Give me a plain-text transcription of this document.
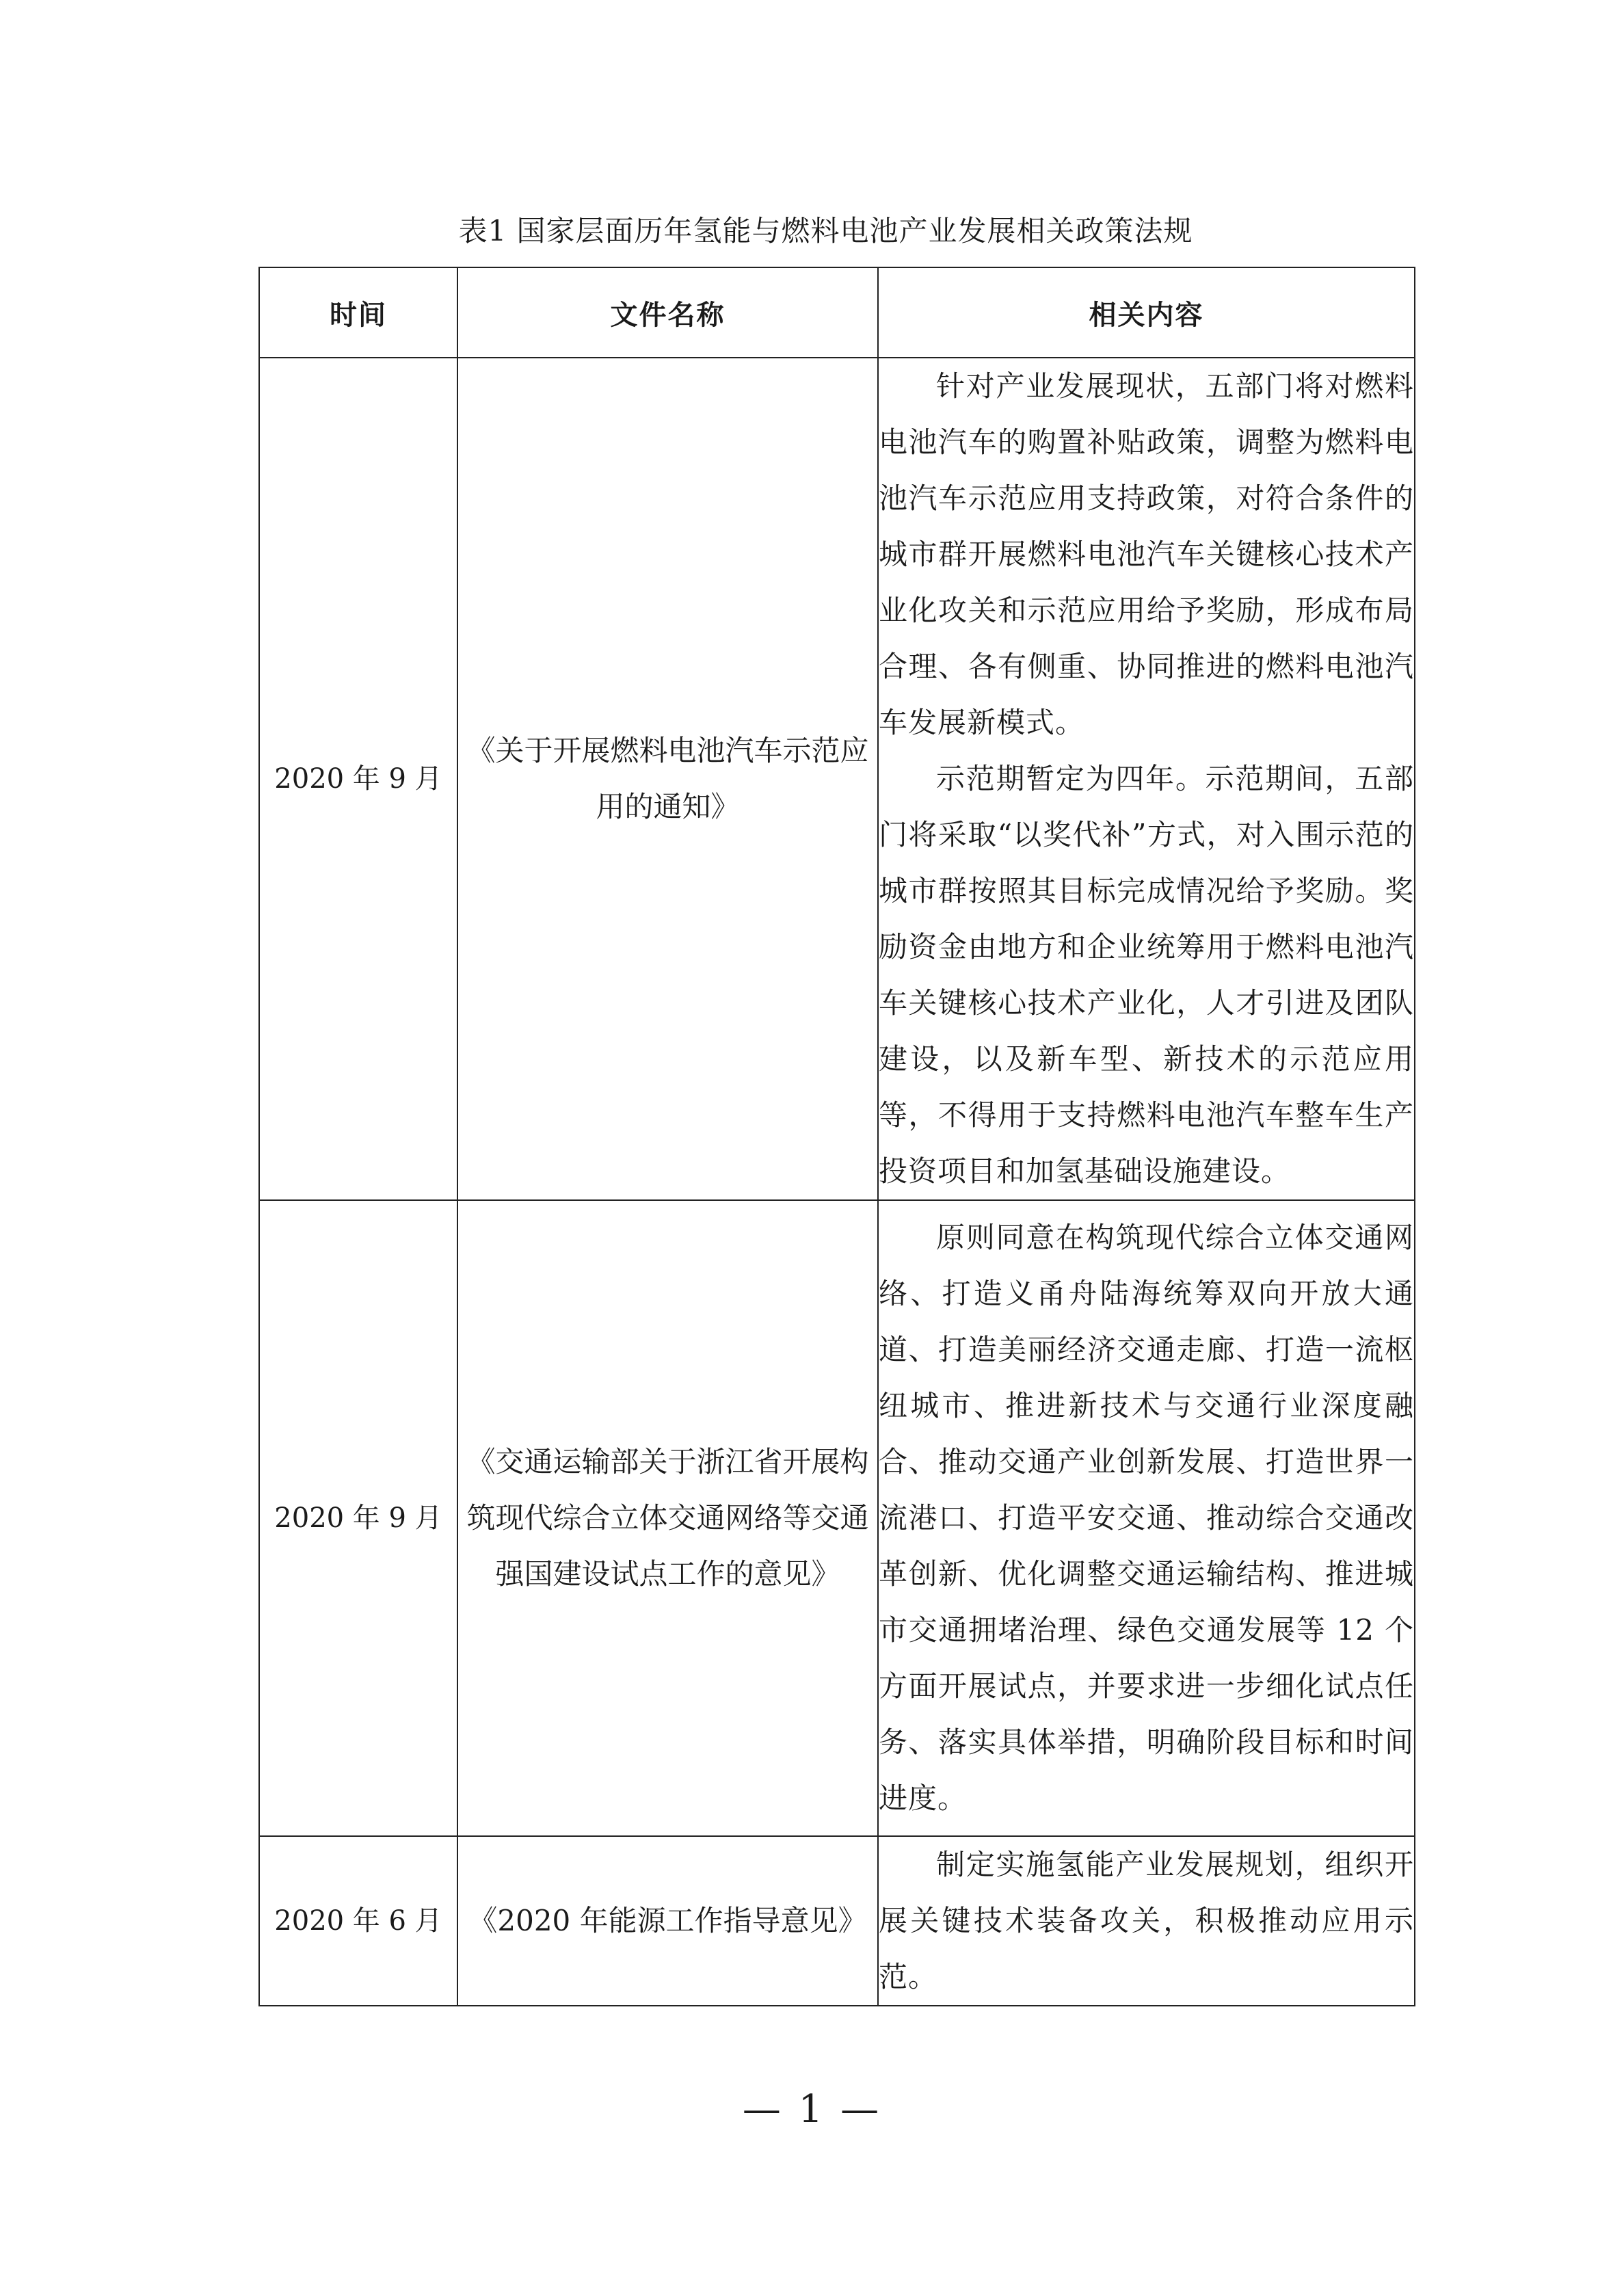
表1 国家层面历年氢能与燃料电池产业发展相关政策法规
时间	文件名称	相关内容
2020 年 9 月	《关于开展燃料电池汽车示范应用的通知》	针对产业发展现状，五部门将对燃料电池汽车的购置补贴政策，调整为燃料电池汽车示范应用支持政策，对符合条件的城市群开展燃料电池汽车关键核心技术产业化攻关和示范应用给予奖励，形成布局合理、各有侧重、协同推进的燃料电池汽车发展新模式。

示范期暂定为四年。示范期间，五部门将采取“以奖代补”方式，对入围示范的城市群按照其目标完成情况给予奖励。奖励资金由地方和企业统筹用于燃料电池汽车关键核心技术产业化，人才引进及团队建设，以及新车型、新技术的示范应用等，不得用于支持燃料电池汽车整车生产投资项目和加氢基础设施建设。

2020 年 9 月	《交通运输部关于浙江省开展构筑现代综合立体交通网络等交通强国建设试点工作的意见》	原则同意在构筑现代综合立体交通网络、打造义甬舟陆海统筹双向开放大通道、打造美丽经济交通走廊、打造一流枢纽城市、推进新技术与交通行业深度融合、推动交通产业创新发展、打造世界一流港口、打造平安交通、推动综合交通改革创新、优化调整交通运输结构、推进城市交通拥堵治理、绿色交通发展等 12 个方面开展试点，并要求进一步细化试点任务、落实具体举措，明确阶段目标和时间进度。

2020 年 6 月	《2020 年能源工作指导意见》	制定实施氢能产业发展规划，组织开展关键技术装备攻关，积极推动应用示范。

— 1 —
